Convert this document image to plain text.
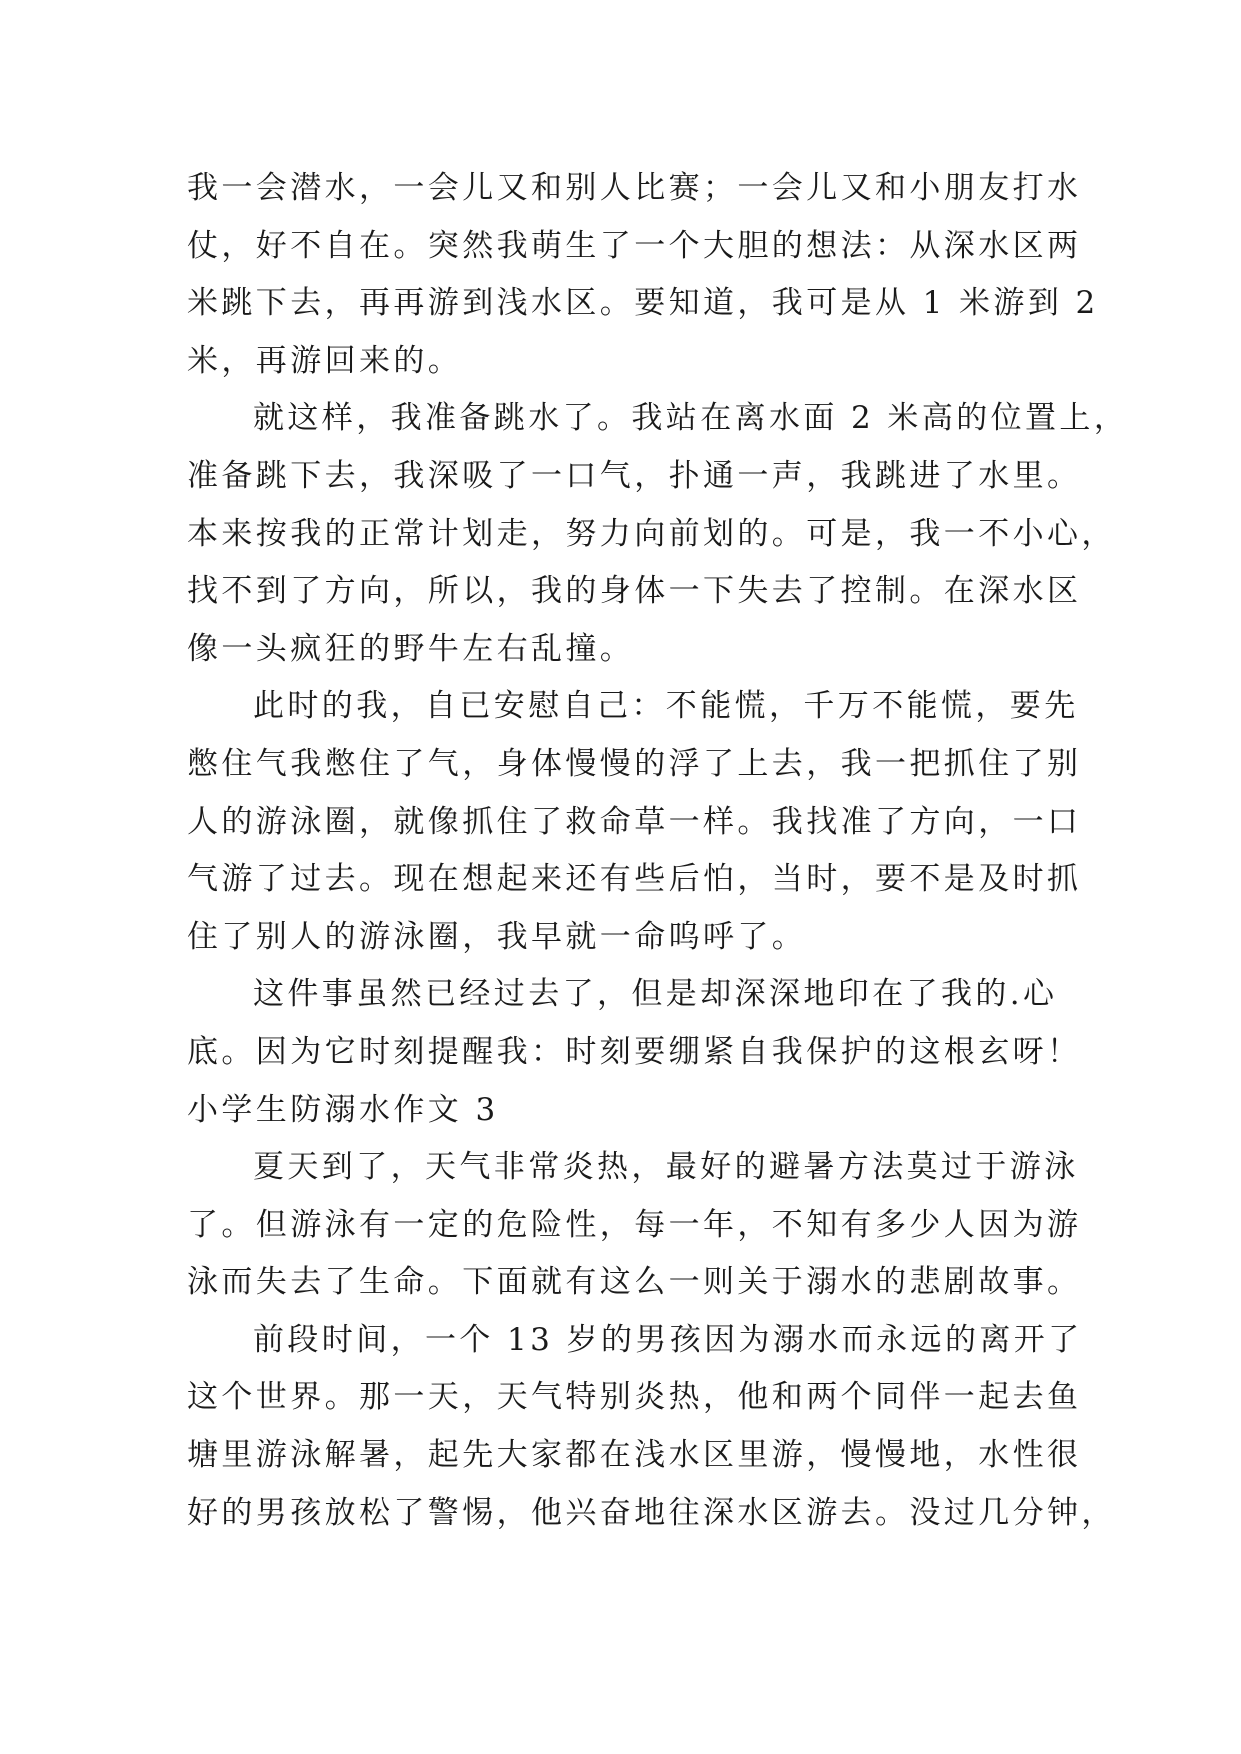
我一会潜水，一会儿又和别人比赛；一会儿又和小朋友打水
仗，好不自在。突然我萌生了一个大胆的想法：从深水区两
米跳下去，再再游到浅水区。要知道，我可是从 1 米游到 2
米，再游回来的。
就这样，我准备跳水了。我站在离水面 2 米高的位置上，
准备跳下去，我深吸了一口气，扑通一声，我跳进了水里。
本来按我的正常计划走，努力向前划的。可是，我一不小心，
找不到了方向，所以，我的身体一下失去了控制。在深水区
像一头疯狂的野牛左右乱撞。
此时的我，自已安慰自己：不能慌，千万不能慌，要先
憋住气我憋住了气，身体慢慢的浮了上去，我一把抓住了别
人的游泳圈，就像抓住了救命草一样。我找准了方向，一口
气游了过去。现在想起来还有些后怕，当时，要不是及时抓
住了别人的游泳圈，我早就一命呜呼了。
这件事虽然已经过去了，但是却深深地印在了我的.心
底。因为它时刻提醒我：时刻要绷紧自我保护的这根玄呀！
小学生防溺水作文 3
夏天到了，天气非常炎热，最好的避暑方法莫过于游泳
了。但游泳有一定的危险性，每一年，不知有多少人因为游
泳而失去了生命。下面就有这么一则关于溺水的悲剧故事。
前段时间，一个 13 岁的男孩因为溺水而永远的离开了
这个世界。那一天，天气特别炎热，他和两个同伴一起去鱼
塘里游泳解暑，起先大家都在浅水区里游，慢慢地，水性很
好的男孩放松了警惕，他兴奋地往深水区游去。没过几分钟，
